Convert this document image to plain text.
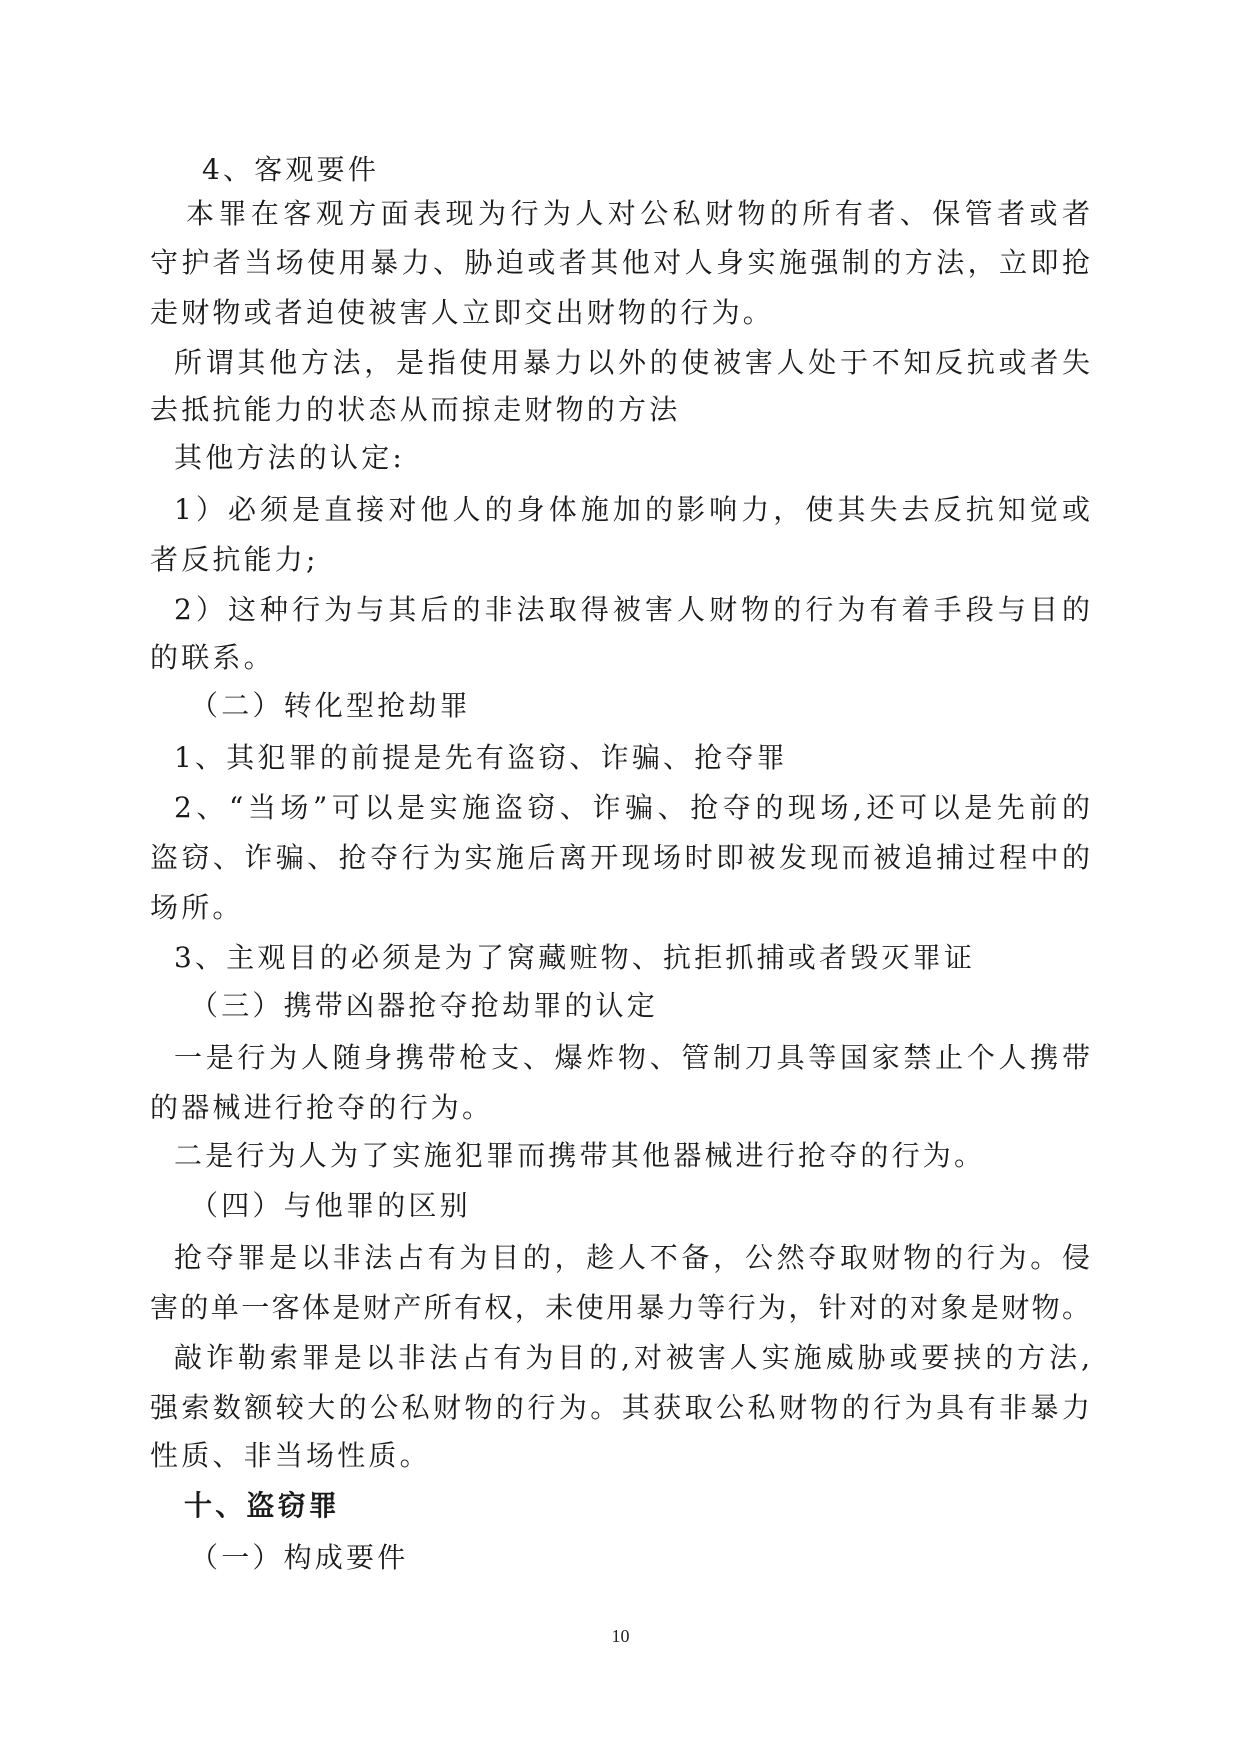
4、客观要件
本罪在客观方面表现为行为人对公私财物的所有者、保管者或者
守护者当场使用暴力、胁迫或者其他对人身实施强制的方法，立即抢
走财物或者迫使被害人立即交出财物的行为。
所谓其他方法，是指使用暴力以外的使被害人处于不知反抗或者失
去抵抗能力的状态从而掠走财物的方法
其他方法的认定:
1）必须是直接对他人的身体施加的影响力，使其失去反抗知觉或
者反抗能力;
2）这种行为与其后的非法取得被害人财物的行为有着手段与目的
的联系。
（二）转化型抢劫罪
1、其犯罪的前提是先有盗窃、诈骗、抢夺罪
2、“当场”可以是实施盗窃、诈骗、抢夺的现场,还可以是先前的
盗窃、诈骗、抢夺行为实施后离开现场时即被发现而被追捕过程中的
场所。
3、主观目的必须是为了窝藏赃物、抗拒抓捕或者毁灭罪证
（三）携带凶器抢夺抢劫罪的认定
一是行为人随身携带枪支、爆炸物、管制刀具等国家禁止个人携带
的器械进行抢夺的行为。
二是行为人为了实施犯罪而携带其他器械进行抢夺的行为。
（四）与他罪的区别
抢夺罪是以非法占有为目的，趁人不备，公然夺取财物的行为。侵
害的单一客体是财产所有权，未使用暴力等行为，针对的对象是财物。
敲诈勒索罪是以非法占有为目的,对被害人实施威胁或要挟的方法,
强索数额较大的公私财物的行为。其获取公私财物的行为具有非暴力
性质、非当场性质。
十、盗窃罪
（一）构成要件
10
